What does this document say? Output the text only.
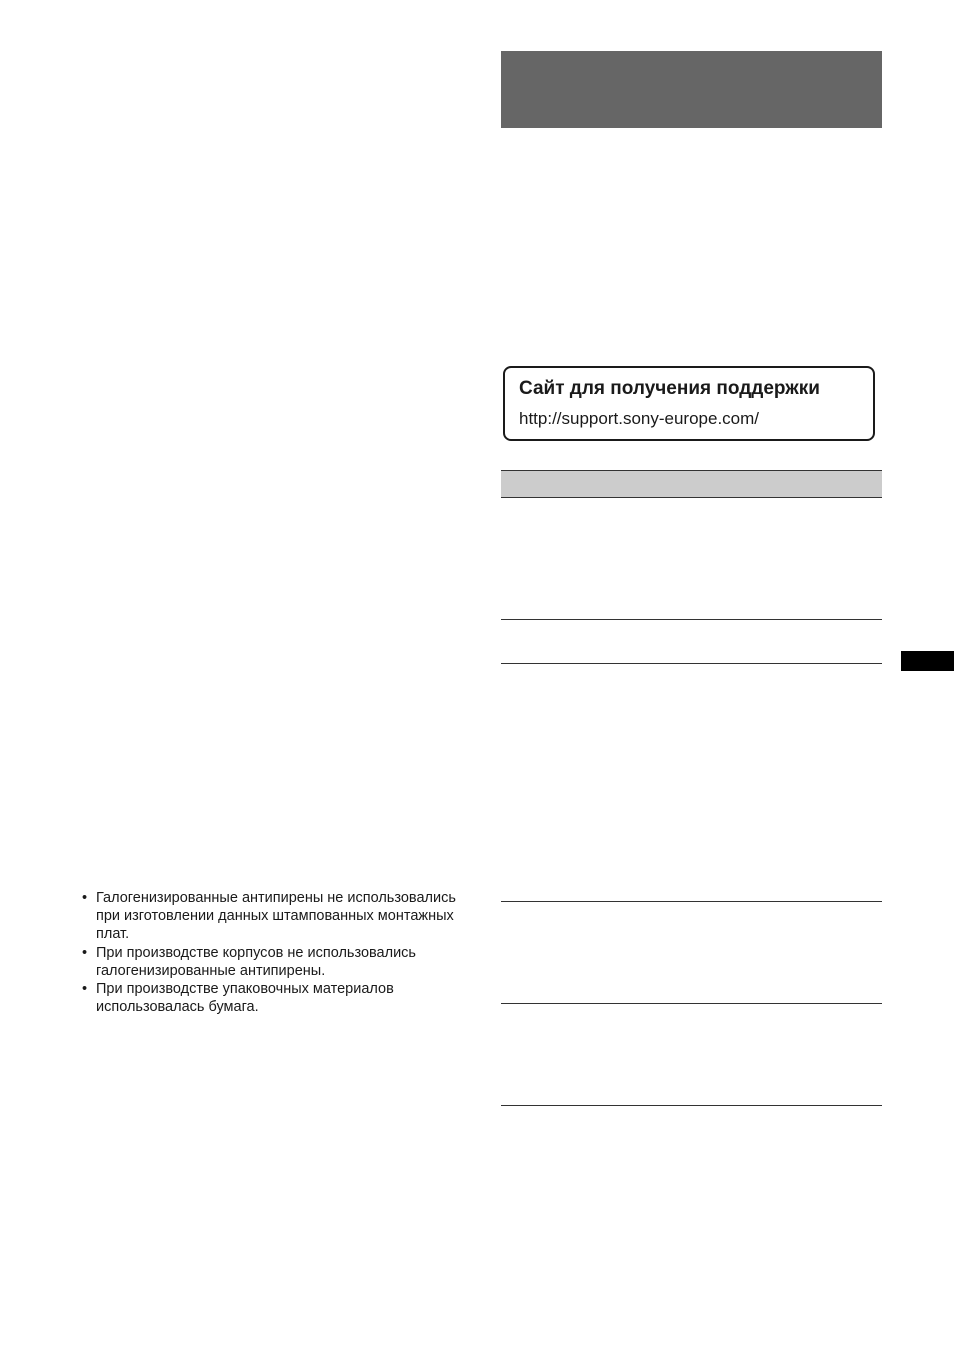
Сайт для получения поддержки
http://support.sony-europe.com/
• Галогенизированные антипирены не использовались при изготовлении данных штампованных монтажных плат.
• При производстве корпусов не использовались галогенизированные антипирены.
• При производстве упаковочных материалов использовалась бумага.
